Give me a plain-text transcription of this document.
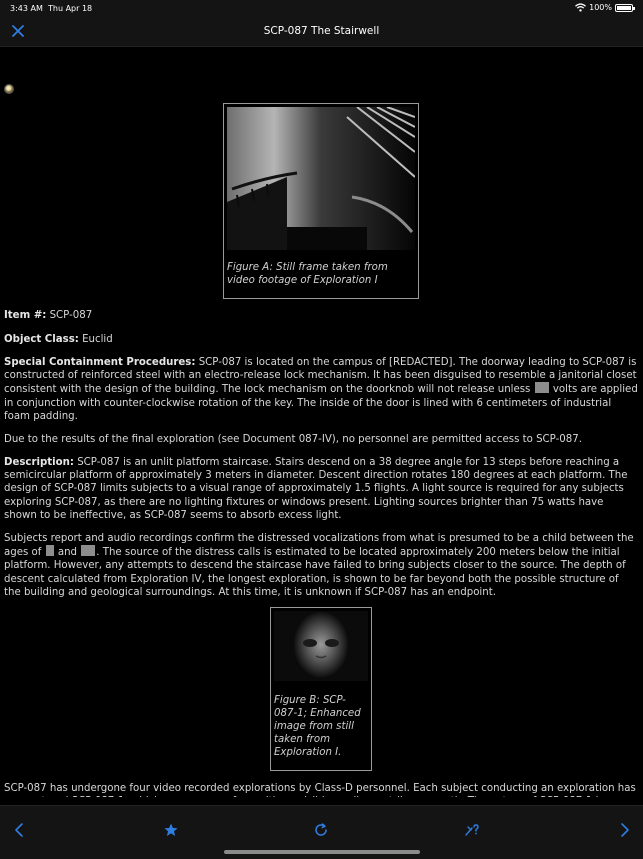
3:43 AM Thu Apr 18	100%
SCP-087 The Stairwell
Figure A: Still frame taken from video footage of Exploration I

Item #: SCP-087

Object Class: Euclid

Special Containment Procedures: SCP-087 is located on the campus of [REDACTED]. The doorway leading to SCP-087 is constructed of reinforced steel with an electro-release lock mechanism. It has been disguised to resemble a janitorial closet consistent with the design of the building. The lock mechanism on the doorknob will not release unless volts are applied in conjunction with counter-clockwise rotation of the key. The inside of the door is lined with 6 centimeters of industrial foam padding.

Due to the results of the final exploration (see Document 087-IV), no personnel are permitted access to SCP-087.

Description: SCP-087 is an unlit platform staircase. Stairs descend on a 38 degree angle for 13 steps before reaching a semicircular platform of approximately 3 meters in diameter. Descent direction rotates 180 degrees at each platform. The design of SCP-087 limits subjects to a visual range of approximately 1.5 flights. A light source is required for any subjects exploring SCP-087, as there are no lighting fixtures or windows present. Lighting sources brighter than 75 watts have shown to be ineffective, as SCP-087 seems to absorb excess light.

Subjects report and audio recordings confirm the distressed vocalizations from what is presumed to be a child between the ages of and . The source of the distress calls is estimated to be located approximately 200 meters below the initial platform. However, any attempts to descend the staircase have failed to bring subjects closer to the source. The depth of descent calculated from Exploration IV, the longest exploration, is shown to be far beyond both the possible structure of the building and geological surroundings. At this time, it is unknown if SCP-087 has an endpoint.

Figure B: SCP-087-1; Enhanced image from still taken from Exploration I.

SCP-087 has undergone four video recorded explorations by Class-D personnel. Each subject conducting an exploration has
